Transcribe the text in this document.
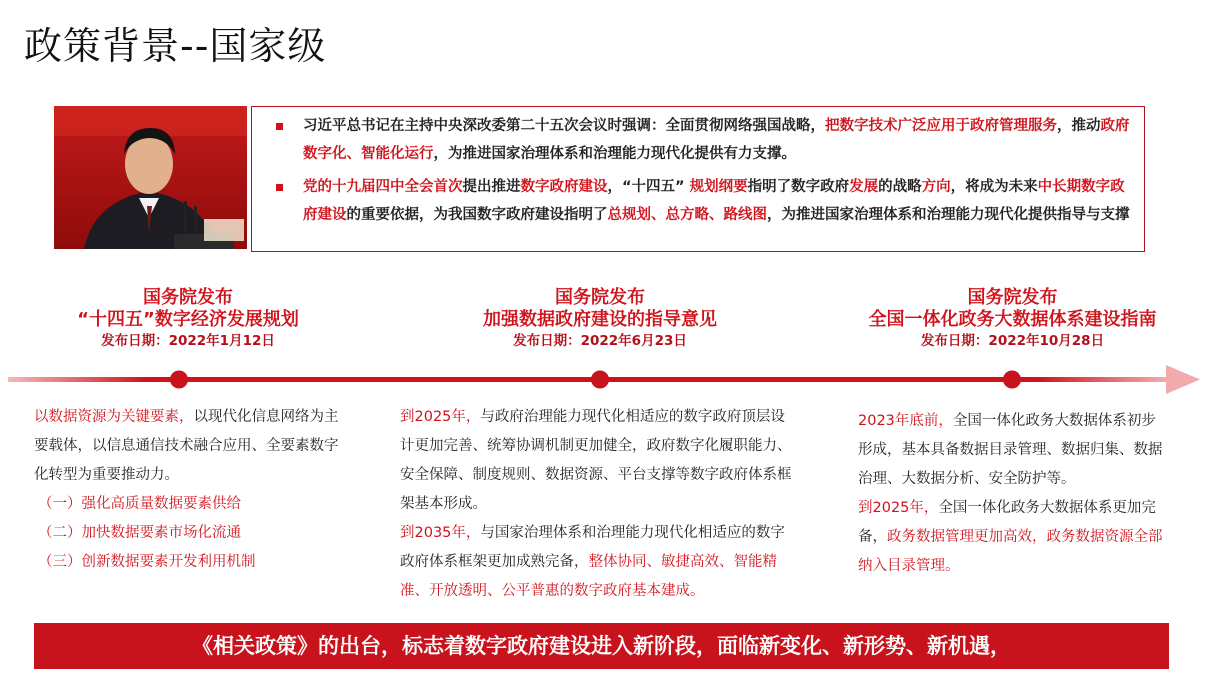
政策背景--国家级
习近平总书记在主持中央深改委第二十五次会议时强调：全面贯彻网络强国战略，把数字技术广泛应用于政府管理服务，推动政府数字化、智能化运行，为推进国家治理体系和治理能力现代化提供有力支撑。
党的十九届四中全会首次提出推进数字政府建设，“十四五” 规划纲要指明了数字政府发展的战略方向，将成为未来中长期数字政府建设的重要依据，为我国数字政府建设指明了总规划、总方略、路线图，为推进国家治理体系和治理能力现代化提供指导与支撑
国务院发布
“十四五”数字经济发展规划
发布日期：2022年1月12日
国务院发布
加强数据政府建设的指导意见
发布日期：2022年6月23日
国务院发布
全国一体化政务大数据体系建设指南
发布日期：2022年10月28日

以数据资源为关键要素，以现代化信息网络为主要载体，以信息通信技术融合应用、全要素数字化转型为重要推动力。

（一）强化高质量数据要素供给

（二）加快数据要素市场化流通

（三）创新数据要素开发利用机制

到2025年，与政府治理能力现代化相适应的数字政府顶层设计更加完善、统筹协调机制更加健全，政府数字化履职能力、安全保障、制度规则、数据资源、平台支撑等数字政府体系框架基本形成。

到2035年，与国家治理体系和治理能力现代化相适应的数字政府体系框架更加成熟完备，整体协同、敏捷高效、智能精准、开放透明、公平普惠的数字政府基本建成。

2023年底前，全国一体化政务大数据体系初步形成，基本具备数据目录管理、数据归集、数据治理、大数据分析、安全防护等。

到2025年，全国一体化政务大数据体系更加完备，政务数据管理更加高效，政务数据资源全部纳入目录管理。

《相关政策》的出台，标志着数字政府建设进入新阶段，面临新变化、新形势、新机遇，
